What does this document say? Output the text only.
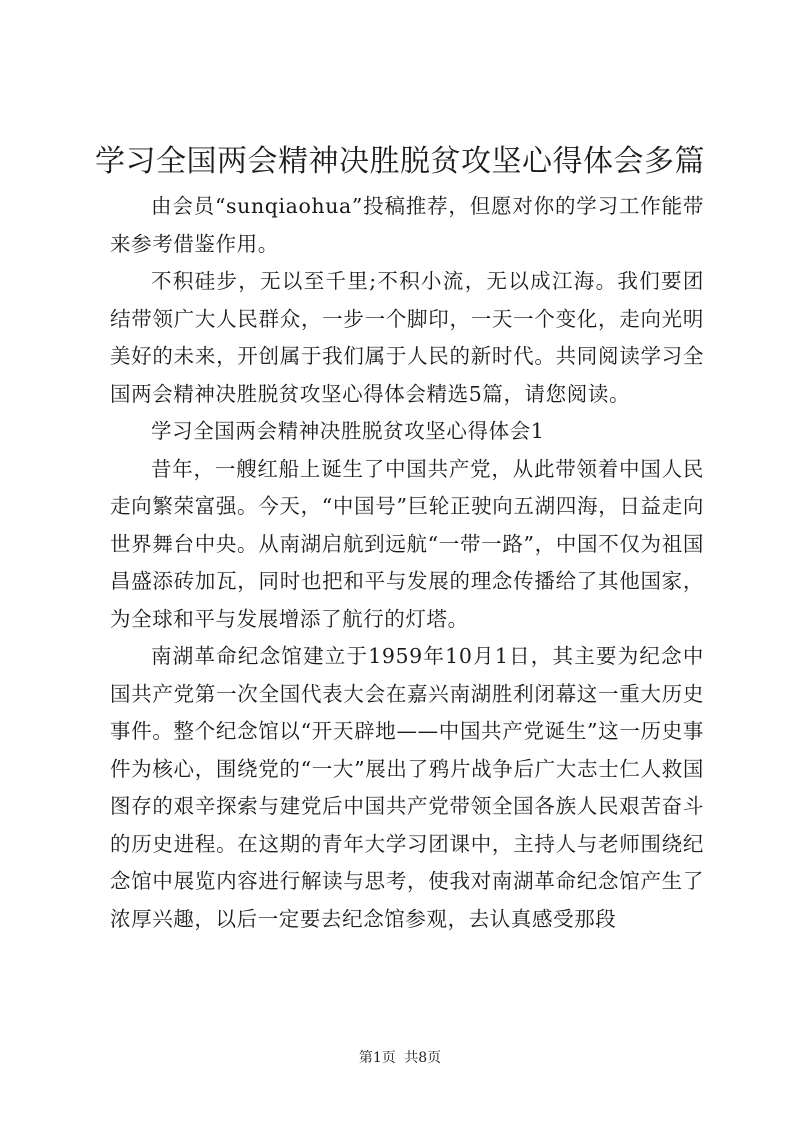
学习全国两会精神决胜脱贫攻坚心得体会多篇

由会员“sunqiaohua”投稿推荐，但愿对你的学习工作能带来参考借鉴作用。

不积硅步，无以至千里;不积小流，无以成江海。我们要团结带领广大人民群众，一步一个脚印，一天一个变化，走向光明美好的未来，开创属于我们属于人民的新时代。共同阅读学习全国两会精神决胜脱贫攻坚心得体会精选5篇，请您阅读。

学习全国两会精神决胜脱贫攻坚心得体会1

昔年，一艘红船上诞生了中国共产党，从此带领着中国人民走向繁荣富强。今天，“中国号”巨轮正驶向五湖四海，日益走向世界舞台中央。从南湖启航到远航“一带一路”，中国不仅为祖国昌盛添砖加瓦，同时也把和平与发展的理念传播给了其他国家，为全球和平与发展增添了航行的灯塔。

南湖革命纪念馆建立于1959年10月1日，其主要为纪念中国共产党第一次全国代表大会在嘉兴南湖胜利闭幕这一重大历史事件。整个纪念馆以“开天辟地——中国共产党诞生”这一历史事件为核心，围绕党的“一大”展出了鸦片战争后广大志士仁人救国图存的艰辛探索与建党后中国共产党带领全国各族人民艰苦奋斗的历史进程。在这期的青年大学习团课中，主持人与老师围绕纪念馆中展览内容进行解读与思考，使我对南湖革命纪念馆产生了浓厚兴趣，以后一定要去纪念馆参观，去认真感受那段

第1页 共8页
